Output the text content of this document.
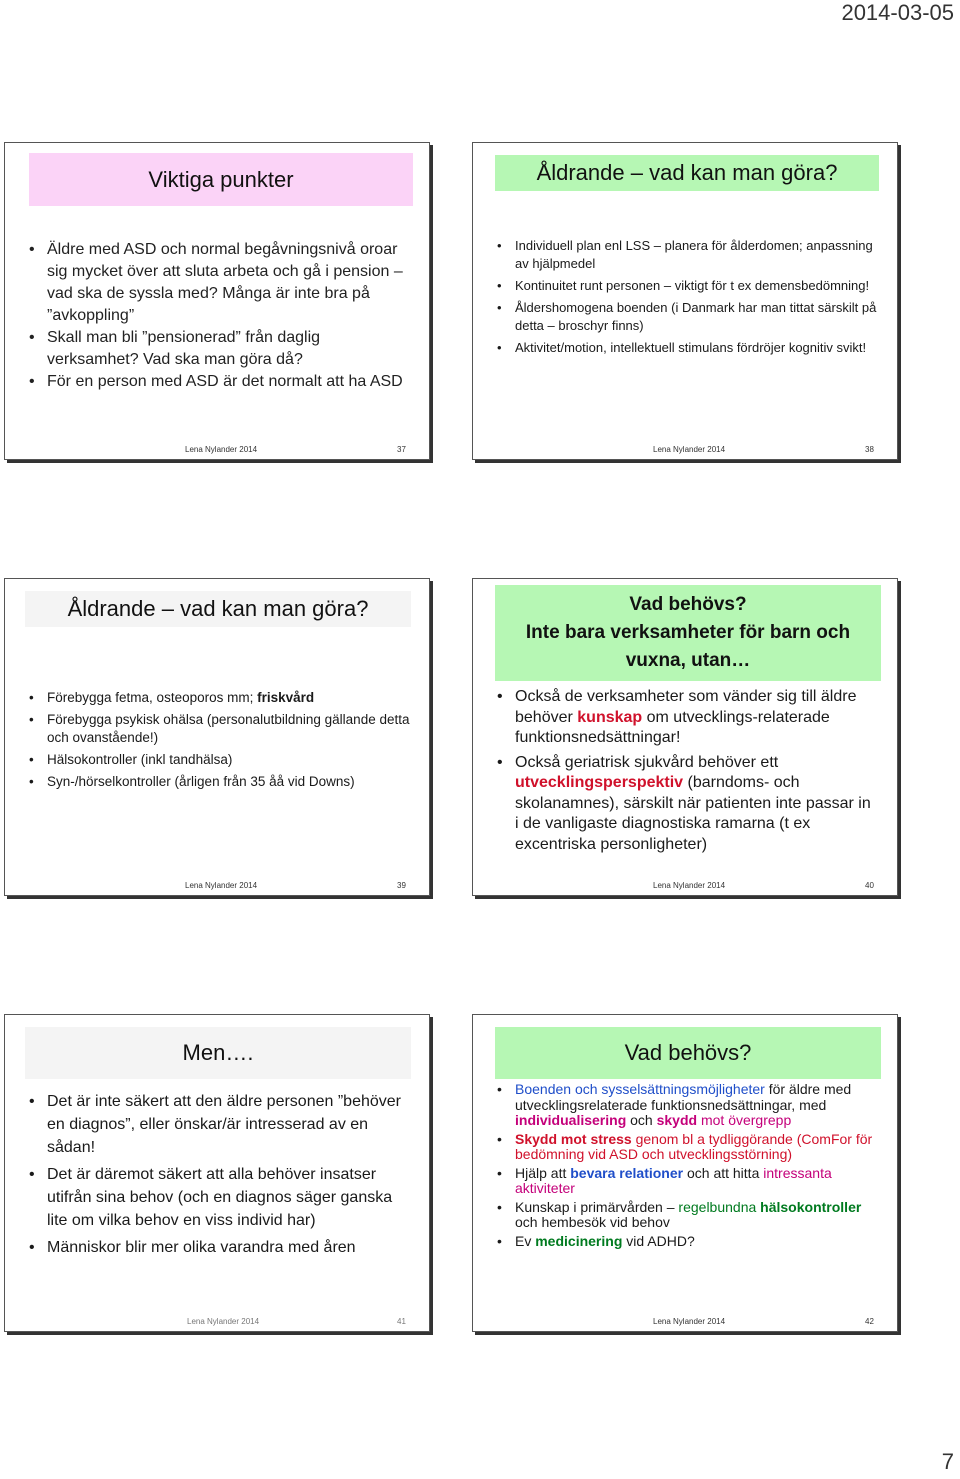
2014-03-05
Viktiga punkter
• Äldre med ASD och normal begåvningsnivå oroar sig mycket över att sluta arbeta och gå i pension – vad ska de syssla med? Många är inte bra på ”avkoppling”
• Skall man bli ”pensionerad” från daglig verksamhet? Vad ska man göra då?
• För en person med ASD är det normalt att ha ASD
Lena Nylander 2014	37
Åldrande – vad kan man göra?
• Individuell plan enl LSS – planera för ålderdomen; anpassning av hjälpmedel
• Kontinuitet runt personen – viktigt för t ex demensbedömning!
• Åldershomogena boenden (i Danmark har man tittat särskilt på detta – broschyr finns)
• Aktivitet/motion, intellektuell stimulans fördröjer kognitiv svikt!
Lena Nylander 2014	38
Åldrande – vad kan man göra?
• Förebygga fetma, osteoporos mm; friskvård
• Förebygga psykisk ohälsa (personalutbildning gällande detta och ovanstående!)
• Hälsokontroller (inkl tandhälsa)
• Syn-/hörselkontroller (årligen från 35 åå vid Downs)
Lena Nylander 2014	39
Vad behövs?
Inte bara verksamheter för barn och vuxna, utan…
• Också de verksamheter som vänder sig till äldre behöver kunskap om utvecklings-relaterade funktionsnedsättningar!
• Också geriatrisk sjukvård behöver ett utvecklingsperspektiv (barndoms- och skolanamnes), särskilt när patienten inte passar in i de vanligaste diagnostiska ramarna (t ex excentriska personligheter)
Lena Nylander 2014	40
Men….
• Det är inte säkert att den äldre personen ”behöver en diagnos”, eller önskar/är intresserad av en sådan!
• Det är däremot säkert att alla behöver insatser utifrån sina behov (och en diagnos säger ganska lite om vilka behov en viss individ har)
• Människor blir mer olika varandra med åren
Lena Nylander 2014	41
Vad behövs?
• Boenden och sysselsättningsmöjligheter för äldre med utvecklingsrelaterade funktionsnedsättningar, med individualisering och skydd mot övergrepp
• Skydd mot stress genom bl a tydliggörande (ComFor för bedömning vid ASD och utvecklingsstörning)
• Hjälp att bevara relationer och att hitta intressanta aktiviteter
• Kunskap i primärvården – regelbundna hälsokontroller och hembesök vid behov
• Ev medicinering vid ADHD?
Lena Nylander 2014	42
7
